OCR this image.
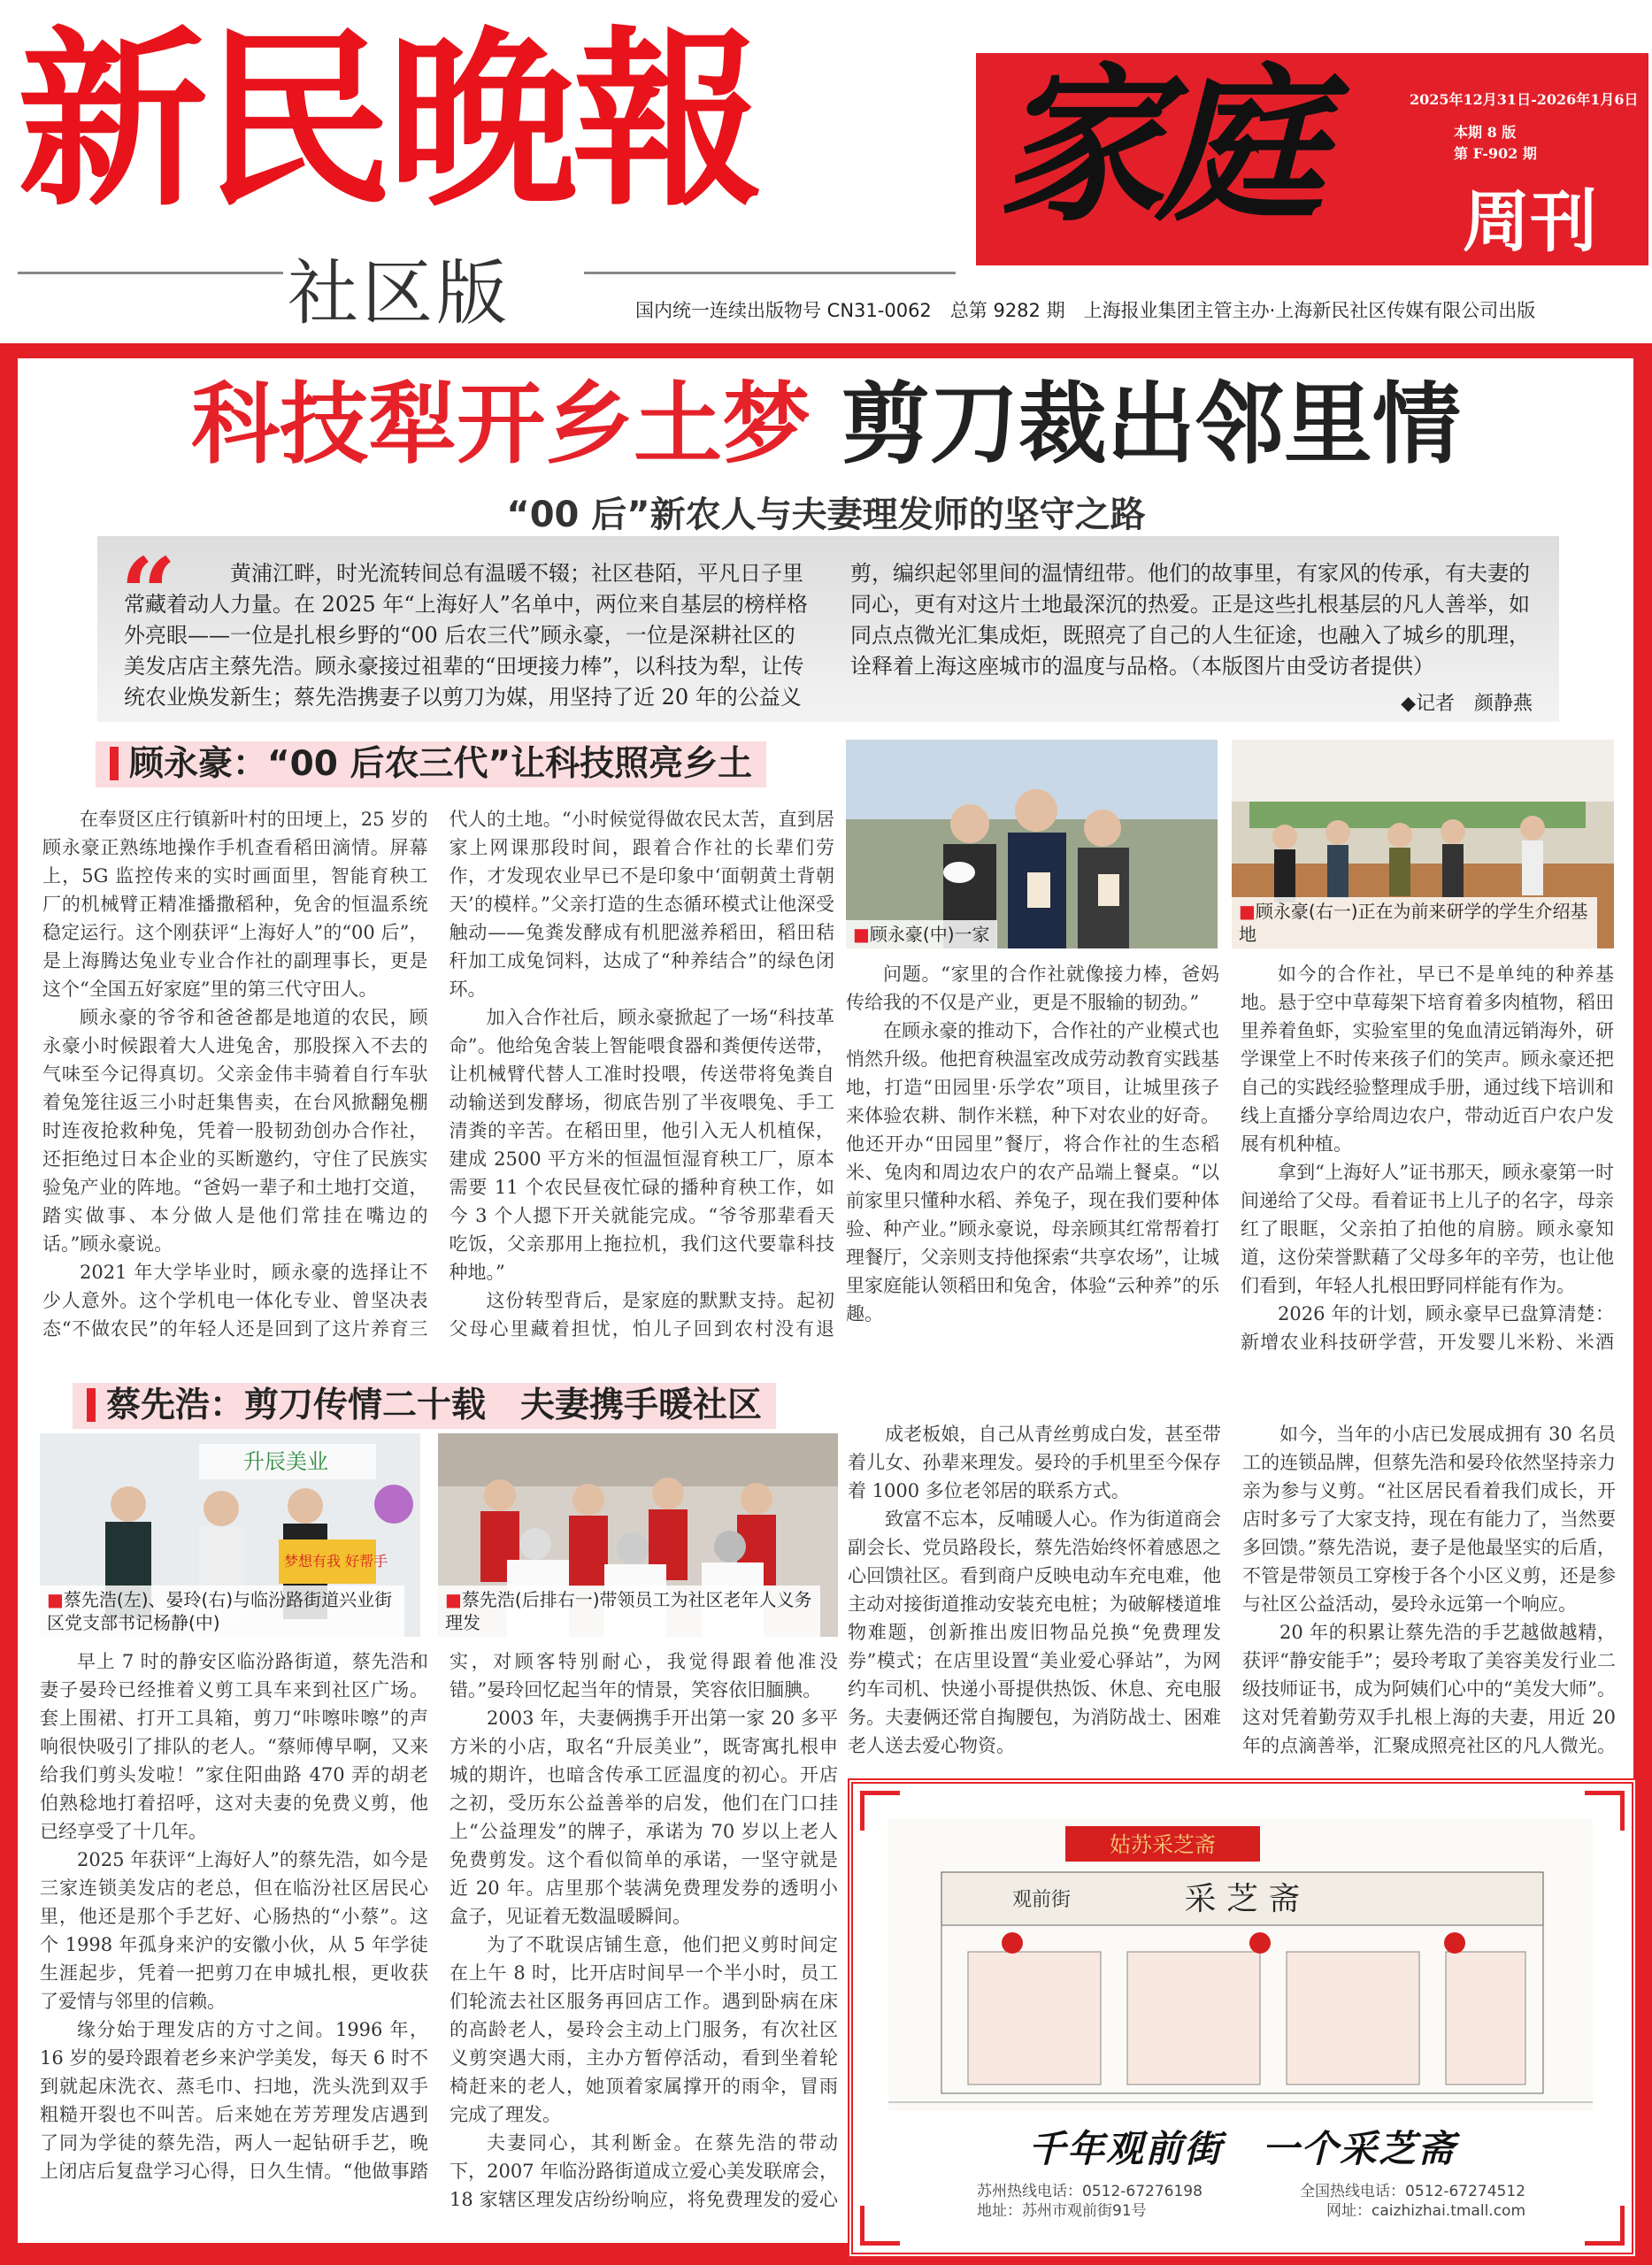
新民晚報
社区版
家庭	2025年12月31日-2026年1月6日
本期 8 版
第 F-902 期
周刊
国内统一连续出版物号 CN31-0062　总第 9282 期　上海报业集团主管主办·上海新民社区传媒有限公司出版
科技犁开乡土梦 剪刀裁出邻里情
“00 后”新农人与夫妻理发师的坚守之路
“	黄浦江畔，时光流转间总有温暖不辍；社区巷陌，平凡日子里常藏着动人力量。在 2025 年“上海好人”名单中，两位来自基层的榜样格外亮眼——一位是扎根乡野的“00 后农三代”顾永豪，一位是深耕社区的美发店店主蔡先浩。顾永豪接过祖辈的“田埂接力棒”，以科技为犁，让传统农业焕发新生；蔡先浩携妻子以剪刀为媒，用坚持了近 20 年的公益义剪，编织起邻里间的温情纽带。他们的故事里，有家风的传承，有夫妻的同心，更有对这片土地最深沉的热爱。正是这些扎根基层的凡人善举，如同点点微光汇集成炬，既照亮了自己的人生征途，也融入了城乡的肌理，诠释着上海这座城市的温度与品格。（本版图片由受访者提供）
◆记者　颜静燕
顾永豪：“00 后农三代”让科技照亮乡土

在奉贤区庄行镇新叶村的田埂上，25 岁的顾永豪正熟练地操作手机查看稻田滴情。屏幕上，5G 监控传来的实时画面里，智能育秧工厂的机械臂正精准播撒稻种，免舍的恒温系统稳定运行。这个刚获评“上海好人”的“00 后”，是上海腾达兔业专业合作社的副理事长，更是这个“全国五好家庭”里的第三代守田人。

顾永豪的爷爷和爸爸都是地道的农民，顾永豪小时候跟着大人进兔舍，那股探入不去的气味至今记得真切。父亲金伟丰骑着自行车驮着兔笼往返三小时赶集售卖，在台风掀翻兔棚时连夜抢救种兔，凭着一股韧劲创办合作社，还拒绝过日本企业的买断邀约，守住了民族实验兔产业的阵地。“爸妈一辈子和土地打交道，踏实做事、本分做人是他们常挂在嘴边的话。”顾永豪说。

2021 年大学毕业时，顾永豪的选择让不少人意外。这个学机电一体化专业、曾坚决表态“不做农民”的年轻人还是回到了这片养育三代人的土地。“小时候觉得做农民太苦，直到居家上网课那段时间，跟着合作社的长辈们劳作，才发现农业早已不是印象中‘面朝黄土背朝天’的模样。”父亲打造的生态循环模式让他深受触动——兔粪发酵成有机肥滋养稻田，稻田秸秆加工成兔饲料，达成了“种养结合”的绿色闭环。

加入合作社后，顾永豪掀起了一场“科技革命”。他给兔舍装上智能喂食器和粪便传送带，让机械臂代替人工准时投喂，传送带将兔粪自动输送到发酵场，彻底告别了半夜喂兔、手工清粪的辛苦。在稻田里，他引入无人机植保，建成 2500 平方米的恒温恒湿育秧工厂，原本需要 11 个农民昼夜忙碌的播种育秧工作，如今 3 个人摁下开关就能完成。“爷爷那辈看天吃饭，父亲那用上拖拉机，我们这代要靠科技种地。”

这份转型背后，是家庭的默默支持。起初父母心里藏着担忧，怕儿子回到农村没有退

■ 顾永豪(中)一家
■ 顾永豪(右一)正在为前来研学的学生介绍基地

问题。“家里的合作社就像接力棒，爸妈传给我的不仅是产业，更是不服输的韧劲。”

在顾永豪的推动下，合作社的产业模式也悄然升级。他把育秧温室改成劳动教育实践基地，打造“田园里·乐学农”项目，让城里孩子来体验农耕、制作米糕，种下对农业的好奇。他还开办“田园里”餐厅，将合作社的生态稻米、兔肉和周边农户的农产品端上餐桌。“以前家里只懂种水稻、养兔子，现在我们要种体验、种产业。”顾永豪说，母亲顾其红常帮着打理餐厅，父亲则支持他探索“共享农场”，让城里家庭能认领稻田和兔舍，体验“云种养”的乐趣。

如今的合作社，早已不是单纯的种养基地。悬于空中草莓架下培育着多肉植物，稻田里养着鱼虾，实验室里的兔血清远销海外，研学课堂上不时传来孩子们的笑声。顾永豪还把自己的实践经验整理成手册，通过线下培训和线上直播分享给周边农户，带动近百户农户发展有机种植。

拿到“上海好人”证书那天，顾永豪第一时间递给了父母。看着证书上儿子的名字，母亲红了眼眶，父亲拍了拍他的肩膀。顾永豪知道，这份荣誉默藉了父母多年的辛劳，也让他们看到，年轻人扎根田野同样能有作为。

2026 年的计划，顾永豪早已盘算清楚：新增农业科技研学营，开发婴儿米粉、米酒

蔡先浩：剪刀传情二十载　夫妻携手暖社区
升辰美业
梦想有我 好帮手
■ 蔡先浩(左)、晏玲(右)与临汾路街道兴业街区党支部书记杨静(中)
■ 蔡先浩(后排右一)带领员工为社区老年人义务理发

早上 7 时的静安区临汾路街道，蔡先浩和妻子晏玲已经推着义剪工具车来到社区广场。套上围裙、打开工具箱，剪刀“咔嚓咔嚓”的声响很快吸引了排队的老人。“蔡师傅早啊，又来给我们剪头发啦！”家住阳曲路 470 弄的胡老伯熟稔地打着招呼，这对夫妻的免费义剪，他已经享受了十几年。

2025 年获评“上海好人”的蔡先浩，如今是三家连锁美发店的老总，但在临汾社区居民心里，他还是那个手艺好、心肠热的“小蔡”。这个 1998 年孤身来沪的安徽小伙，从 5 年学徒生涯起步，凭着一把剪刀在申城扎根，更收获了爱情与邻里的信赖。

缘分始于理发店的方寸之间。1996 年，16 岁的晏玲跟着老乡来沪学美发，每天 6 时不到就起床洗衣、蒸毛巾、扫地，洗头洗到双手粗糙开裂也不叫苦。后来她在芳芳理发店遇到了同为学徒的蔡先浩，两人一起钻研手艺，晚上闭店后复盘学习心得，日久生情。“他做事踏实，对顾客特别耐心，我觉得跟着他准没错。”晏玲回忆起当年的情景，笑容依旧腼腆。

2003 年，夫妻俩携手开出第一家 20 多平方米的小店，取名“升辰美业”，既寄寓扎根申城的期许，也暗含传承工匠温度的初心。开店之初，受历东公益善举的启发，他们在门口挂上“公益理发”的牌子，承诺为 70 岁以上老人免费剪发。这个看似简单的承诺，一坚守就是近 20 年。店里那个装满免费理发券的透明小盒子，见证着无数温暖瞬间。

为了不耽误店铺生意，他们把义剪时间定在上午 8 时，比开店时间早一个半小时，员工们轮流去社区服务再回店工作。遇到卧病在床的高龄老人，晏玲会主动上门服务，有次社区义剪突遇大雨，主办方暂停活动，看到坐着轮椅赶来的老人，她顶着家属撑开的雨伞，冒雨完成了理发。

夫妻同心，其利断金。在蔡先浩的带动下，2007 年临汾路街道成立爱心美发联席会，18 家辖区理发店纷纷响应，将免费理发的爱心

成老板娘，自己从青丝剪成白发，甚至带着儿女、孙辈来理发。晏玲的手机里至今保存着 1000 多位老邻居的联系方式。

致富不忘本，反哺暖人心。作为街道商会副会长、党员路段长，蔡先浩始终怀着感恩之心回馈社区。看到商户反映电动车充电难，他主动对接街道推动安装充电桩；为破解楼道堆物难题，创新推出废旧物品兑换“免费理发券”模式；在店里设置“美业爱心驿站”，为网约车司机、快递小哥提供热饭、休息、充电服务。夫妻俩还常自掏腰包，为消防战士、困难老人送去爱心物资。

如今，当年的小店已发展成拥有 30 名员工的连锁品牌，但蔡先浩和晏玲依然坚持亲力亲为参与义剪。“社区居民看着我们成长，开店时多亏了大家支持，现在有能力了，当然要多回馈。”蔡先浩说，妻子是他最坚实的后盾，不管是带领员工穿梭于各个小区义剪，还是参与社区公益活动，晏玲永远第一个响应。

20 年的积累让蔡先浩的手艺越做越精，获评“静安能手”；晏玲考取了美容美发行业二级技师证书，成为阿姨们心中的“美发大师”。这对凭着勤劳双手扎根上海的夫妻，用近 20 年的点滴善举，汇聚成照亮社区的凡人微光。

姑苏采芝斋
采 芝 斋
观前街
千年观前街　一个采芝斋
苏州热线电话：0512-67276198	全国热线电话：0512-67274512
地址：苏州市观前街91号	网址：caizhizhai.tmall.com
